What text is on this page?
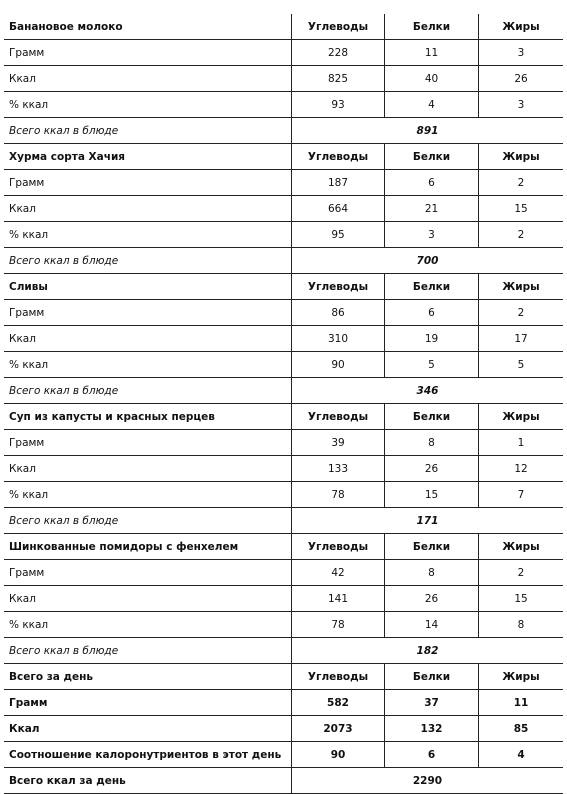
Банановое молоко	Углеводы	Белки	Жиры
Грамм	228	11	3
Ккал	825	40	26
% ккал	93	4	3
Всего ккал в блюде	891		
Хурма сорта Хачия	Углеводы	Белки	Жиры
Грамм	187	6	2
Ккал	664	21	15
% ккал	95	3	2
Всего ккал в блюде	700		
Сливы	Углеводы	Белки	Жиры
Грамм	86	6	2
Ккал	310	19	17
% ккал	90	5	5
Всего ккал в блюде	346		
Суп из капусты и красных перцев	Углеводы	Белки	Жиры
Грамм	39	8	1
Ккал	133	26	12
% ккал	78	15	7
Всего ккал в блюде	171		
Шинкованные помидоры с фенхелем	Углеводы	Белки	Жиры
Грамм	42	8	2
Ккал	141	26	15
% ккал	78	14	8
Всего ккал в блюде	182		
Всего за день	Углеводы	Белки	Жиры
Грамм	582	37	11
Ккал	2073	132	85
Соотношение калоронутриентов в этот день	90	6	4
Всего ккал за день	2290		
